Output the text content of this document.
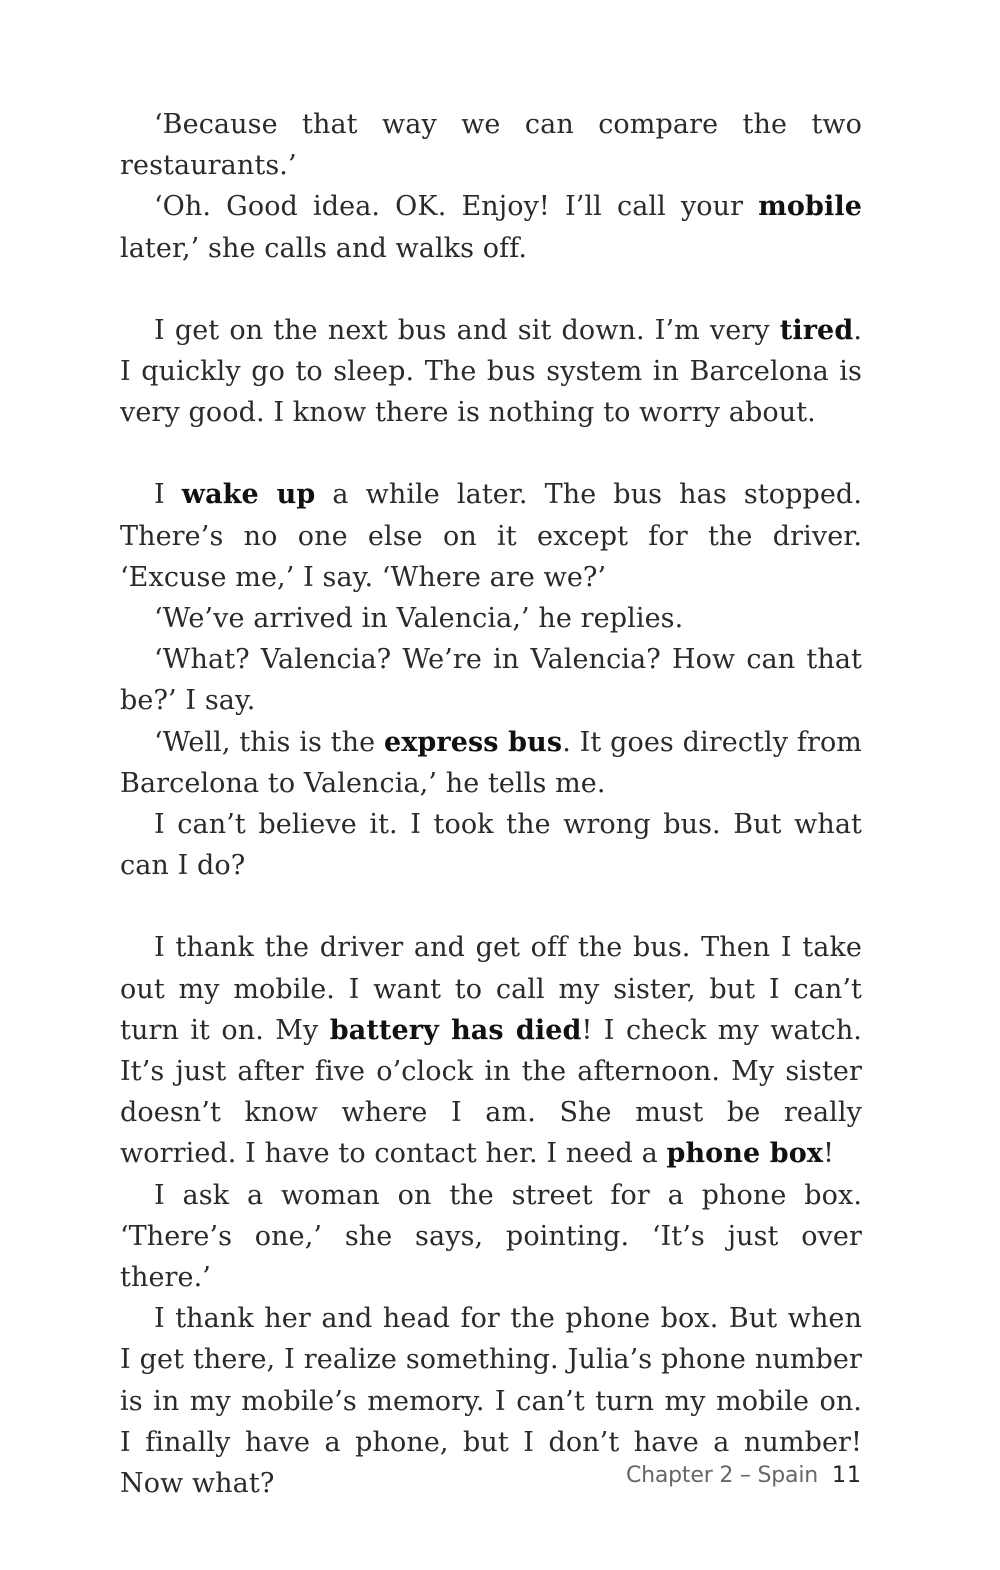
‘Because that way we can compare the two restaurants.’

‘Oh. Good idea. OK. Enjoy! I’ll call your mobile later,’ she calls and walks off.

I get on the next bus and sit down. I’m very tired. I quickly go to sleep. The bus system in Barcelona is very good. I know there is nothing to worry about.

I wake up a while later. The bus has stopped. There’s no one else on it except for the driver. ‘Excuse me,’ I say. ‘Where are we?’

‘We’ve arrived in Valencia,’ he replies.

‘What? Valencia? We’re in Valencia? How can that be?’ I say.

‘Well, this is the express bus. It goes directly from Barcelona to Valencia,’ he tells me.

I can’t believe it. I took the wrong bus. But what can I do?

I thank the driver and get off the bus. Then I take out my mobile. I want to call my sister, but I can’t turn it on. My battery has died! I check my watch. It’s just after five o’clock in the afternoon. My sister doesn’t know where I am. She must be really worried. I have to contact her. I need a phone box!

I ask a woman on the street for a phone box. ‘There’s one,’ she says, pointing. ‘It’s just over there.’

I thank her and head for the phone box. But when I get there, I realize something. Julia’s phone number is in my mobile’s memory. I can’t turn my mobile on. I finally have a phone, but I don’t have a number! Now what?	Chapter 2 – Spain 11
